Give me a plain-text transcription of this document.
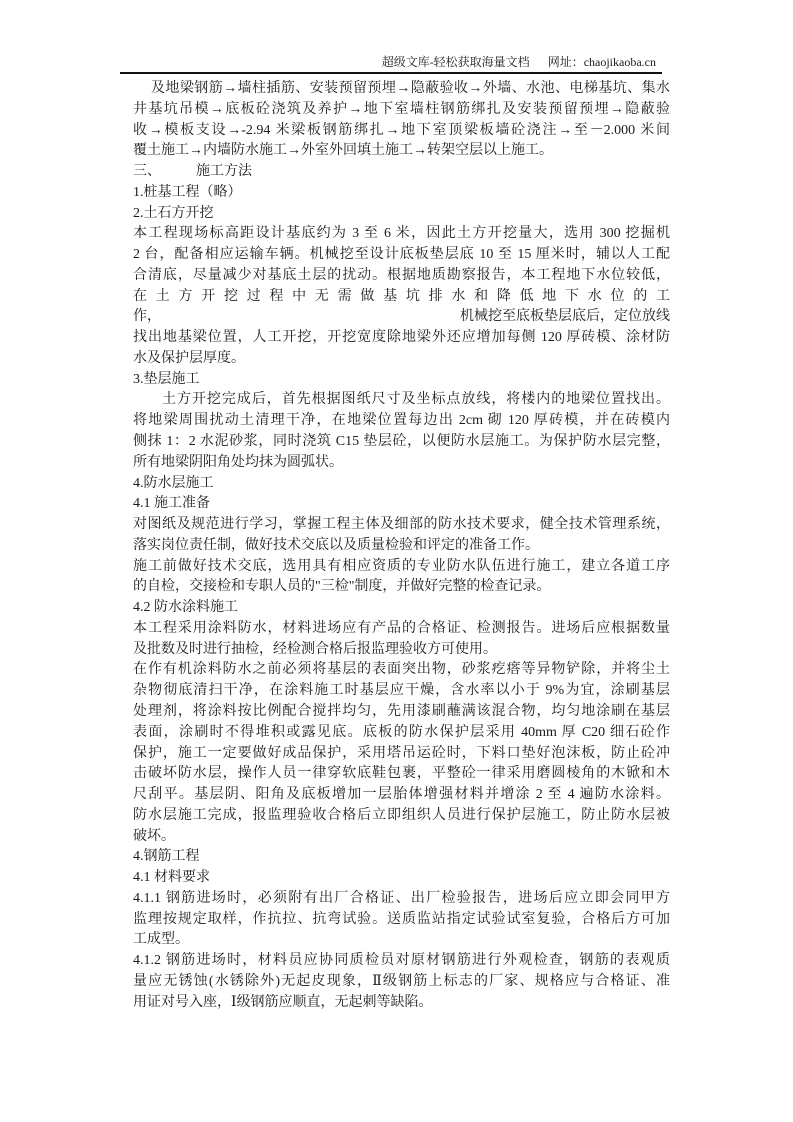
超级文库-轻松获取海量文档 网址：chaojikaoba.cn
及地梁钢筋→墙柱插筋、安装预留预埋→隐蔽验收→外墙、水池、电梯基坑、集水
井基坑吊模→底板砼浇筑及养护→地下室墙柱钢筋绑扎及安装预留预埋→隐蔽验
收→模板支设→-2.94 米梁板钢筋绑扎→地下室顶梁板墙砼浇注→至－2.000 米间
覆土施工→内墙防水施工→外室外回填土施工→转架空层以上施工。
三、　　　施工方法
1.桩基工程（略）
2.土石方开挖
本工程现场标高距设计基底约为 3 至 6 米，因此土方开挖量大，选用 300 挖掘机
2 台，配备相应运输车辆。机械挖至设计底板垫层底 10 至 15 厘米时，辅以人工配
合清底，尽量减少对基底土层的扰动。根据地质勘察报告，本工程地下水位较低，
在土方开挖过程中无需做基坑排水和降低地下水位的工
作，	机械挖至底板垫层底后，定位放线
找出地基梁位置，人工开挖，开挖宽度除地梁外还应增加每侧 120 厚砖模、涂材防
水及保护层厚度。
3.垫层施工
土方开挖完成后，首先根据图纸尺寸及坐标点放线，将楼内的地梁位置找出。
将地梁周围扰动土清理干净，在地梁位置每边出 2cm 砌 120 厚砖模，并在砖模内
侧抹 1：2 水泥砂浆，同时浇筑 C15 垫层砼，以便防水层施工。为保护防水层完整，
所有地梁阴阳角处均抹为圆弧状。
4.防水层施工
4.1 施工准备
对图纸及规范进行学习，掌握工程主体及细部的防水技术要求，健全技术管理系统，
落实岗位责任制，做好技术交底以及质量检验和评定的准备工作。
施工前做好技术交底，选用具有相应资质的专业防水队伍进行施工，建立各道工序
的自检，交接检和专职人员的"三检"制度，并做好完整的检查记录。
4.2 防水涂料施工
本工程采用涂料防水，材料进场应有产品的合格证、检测报告。进场后应根据数量
及批数及时进行抽检，经检测合格后报监理验收方可使用。
在作有机涂料防水之前必须将基层的表面突出物，砂浆疙瘩等异物铲除，并将尘土
杂物彻底清扫干净，在涂料施工时基层应干燥，含水率以小于 9%为宜，涂刷基层
处理剂，将涂料按比例配合搅拌均匀，先用漆刷蘸满该混合物，均匀地涂刷在基层
表面，涂刷时不得堆积或露见底。底板的防水保护层采用 40mm 厚 C20 细石砼作
保护，施工一定要做好成品保护，采用塔吊运砼时，下料口垫好泡沫板，防止砼冲
击破坏防水层，操作人员一律穿软底鞋包裹，平整砼一律采用磨圆棱角的木锨和木
尺刮平。基层阴、阳角及底板增加一层胎体增强材料并增涂 2 至 4 遍防水涂料。
防水层施工完成，报监理验收合格后立即组织人员进行保护层施工，防止防水层被
破坏。
4.钢筋工程
4.1 材料要求
4.1.1 钢筋进场时，必须附有出厂合格证、出厂检验报告，进场后应立即会同甲方
监理按规定取样，作抗拉、抗弯试验。送质监站指定试验试室复验，合格后方可加
工成型。
4.1.2 钢筋进场时，材料员应协同质检员对原材钢筋进行外观检查，钢筋的表观质
量应无锈蚀(水锈除外)无起皮现象，Ⅱ级钢筋上标志的厂家、规格应与合格证、准
用证对号入座，Ⅰ级钢筋应顺直，无起刺等缺陷。
